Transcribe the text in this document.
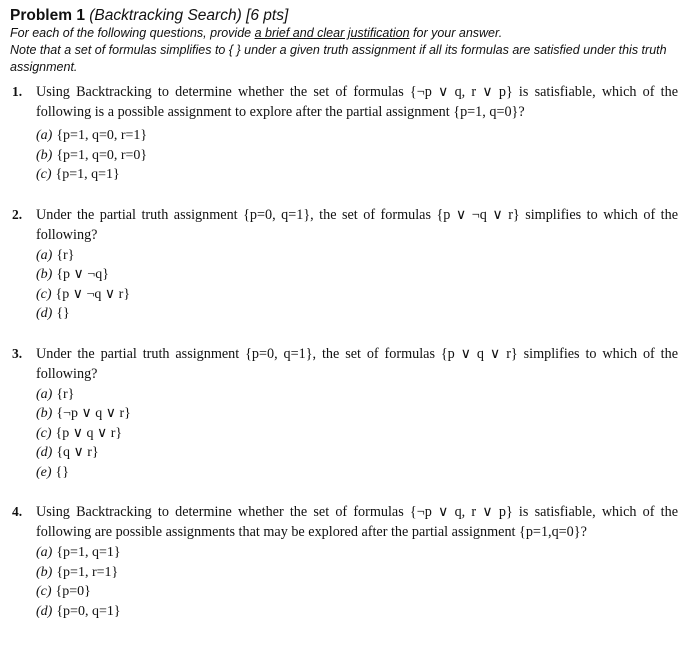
Problem 1 (Backtracking Search) [6 pts]

For each of the following questions, provide a brief and clear justification for your answer.

Note that a set of formulas simplifies to { } under a given truth assignment if all its formulas are satisfied under this truth assignment.

1. Using Backtracking to determine whether the set of formulas {¬p ∨ q, r ∨ p} is satisfiable, which of the following is a possible assignment to explore after the partial assignment {p=1, q=0}?
(a) {p=1, q=0, r=1}
(b) {p=1, q=0, r=0}
(c) {p=1, q=1}
2. Under the partial truth assignment {p=0, q=1}, the set of formulas {p ∨ ¬q ∨ r} simplifies to which of the following?
(a) {r}
(b) {p ∨ ¬q}
(c) {p ∨ ¬q ∨ r}
(d) {}
3. Under the partial truth assignment {p=0, q=1}, the set of formulas {p ∨ q ∨ r} simplifies to which of the following?
(a) {r}
(b) {¬p ∨ q ∨ r}
(c) {p ∨ q ∨ r}
(d) {q ∨ r}
(e) {}
4. Using Backtracking to determine whether the set of formulas {¬p ∨ q, r ∨ p} is satisfiable, which of the following are possible assignments that may be explored after the partial assignment {p=1,q=0}?
(a) {p=1, q=1}
(b) {p=1, r=1}
(c) {p=0}
(d) {p=0, q=1}
